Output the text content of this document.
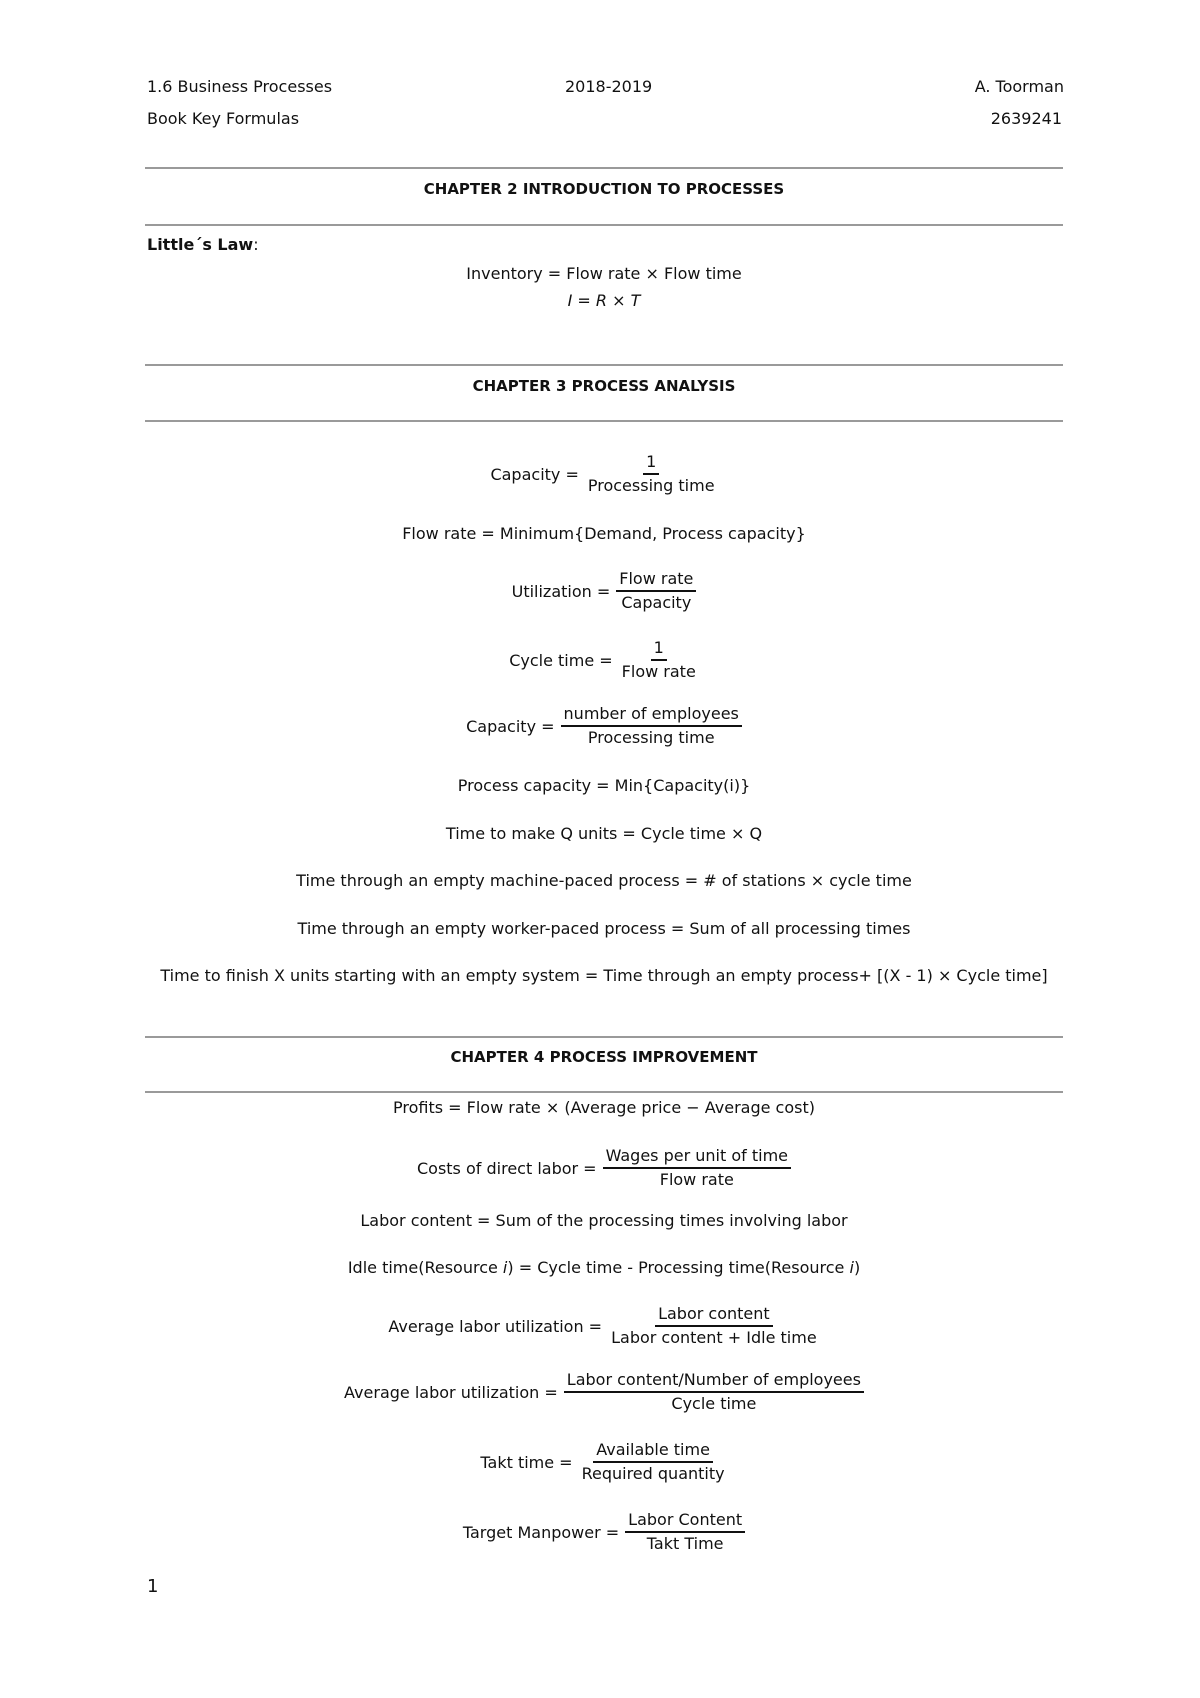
1.6 Business Processes	2018-2019	A. Toorman
Book Key Formulas	2639241
CHAPTER 2 INTRODUCTION TO PROCESSES
Little´s Law:
Inventory = Flow rate × Flow time
I = R × T
CHAPTER 3 PROCESS ANALYSIS
Capacity = $\frac{1}{\text{Processing time}}$
Flow rate = Minimum{Demand, Process capacity}
Utilization = $\frac{\text{Flow rate}}{\text{Capacity}}$
Cycle time = $\frac{1}{\text{Flow rate}}$
Capacity = $\frac{\text{number of employees}}{\text{Processing time}}$
Process capacity = Min{Capacity(i)}
Time to make Q units = Cycle time × Q
Time through an empty machine-paced process = # of stations × cycle time
Time through an empty worker-paced process = Sum of all processing times
Time to finish X units starting with an empty system = Time through an empty process+ [(X - 1) × Cycle time]
CHAPTER 4 PROCESS IMPROVEMENT
Profits = Flow rate × (Average price − Average cost)
Costs of direct labor = $\frac{\text{Wages per unit of time}}{\text{Flow rate}}$
Labor content = Sum of the processing times involving labor
Idle time(Resource i) = Cycle time - Processing time(Resource i)
Average labor utilization = $\frac{\text{Labor content}}{\text{Labor content + Idle time}}$
Average labor utilization = $\frac{\text{Labor content/Number of employees}}{\text{Cycle time}}$
Takt time = $\frac{\text{Available time}}{\text{Required quantity}}$
Target Manpower = $\frac{\text{Labor Content}}{\text{Takt Time}}$
1
